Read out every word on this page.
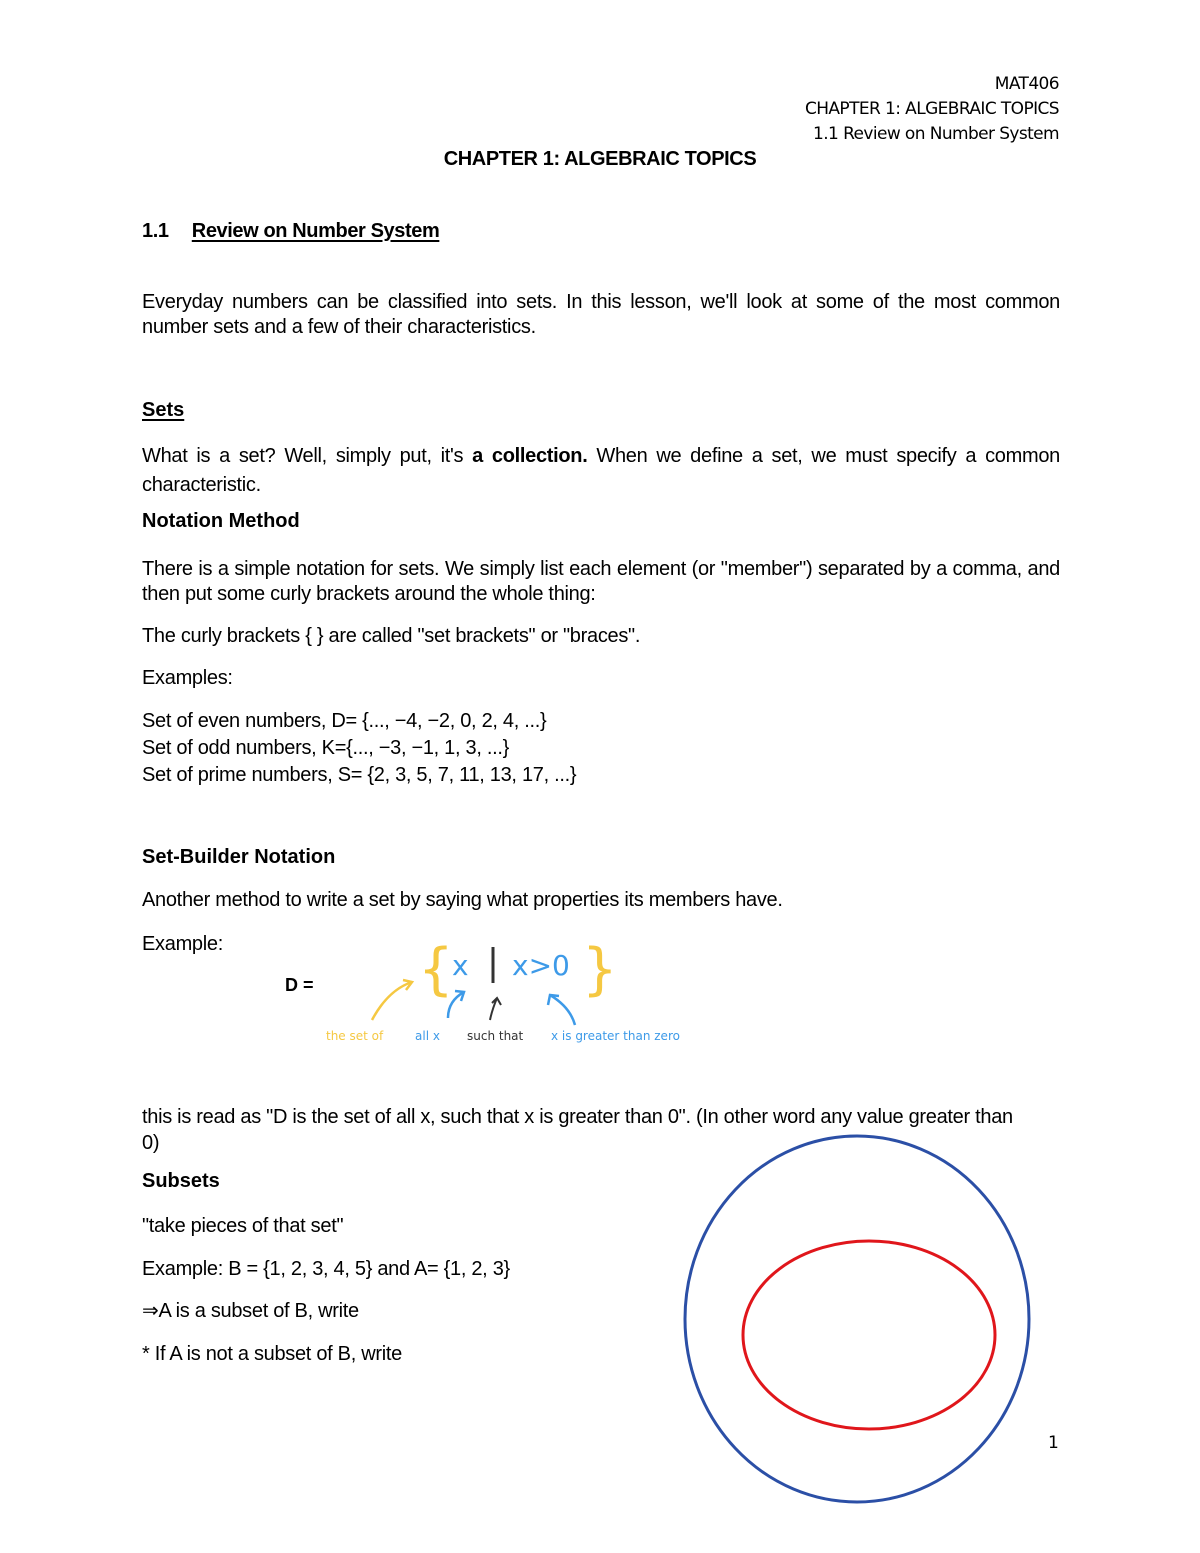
MAT406
CHAPTER 1: ALGEBRAIC TOPICS
1.1 Review on Number System
CHAPTER 1: ALGEBRAIC TOPICS
1.1 Review on Number System
Everyday numbers can be classified into sets. In this lesson, we'll look at some of the most common number sets and a few of their characteristics.
Sets
What is a set? Well, simply put, it's a collection. When we define a set, we must specify a common characteristic.
Notation Method
There is a simple notation for sets. We simply list each element (or "member") separated by a comma, and then put some curly brackets around the whole thing:
The curly brackets { } are called "set brackets" or "braces".
Examples:
Set of even numbers, D= {..., −4, −2, 0, 2, 4, ...}
Set of odd numbers, K={..., −3, −1, 1, 3, ...}
Set of prime numbers, S= {2, 3, 5, 7, 11, 13, 17, ...}
Set-Builder Notation
Another method to write a set by saying what properties its members have.
Example:
D = {
x x>0 }
the set of	all x such that x is greater than zero
this is read as "D is the set of all x, such that x is greater than 0". (In other word any value greater than 0)
Subsets
"take pieces of that set"
Example: B = {1, 2, 3, 4, 5} and A= {1, 2, 3}
⇒A is a subset of B, write
* If A is not a subset of B, write
1
